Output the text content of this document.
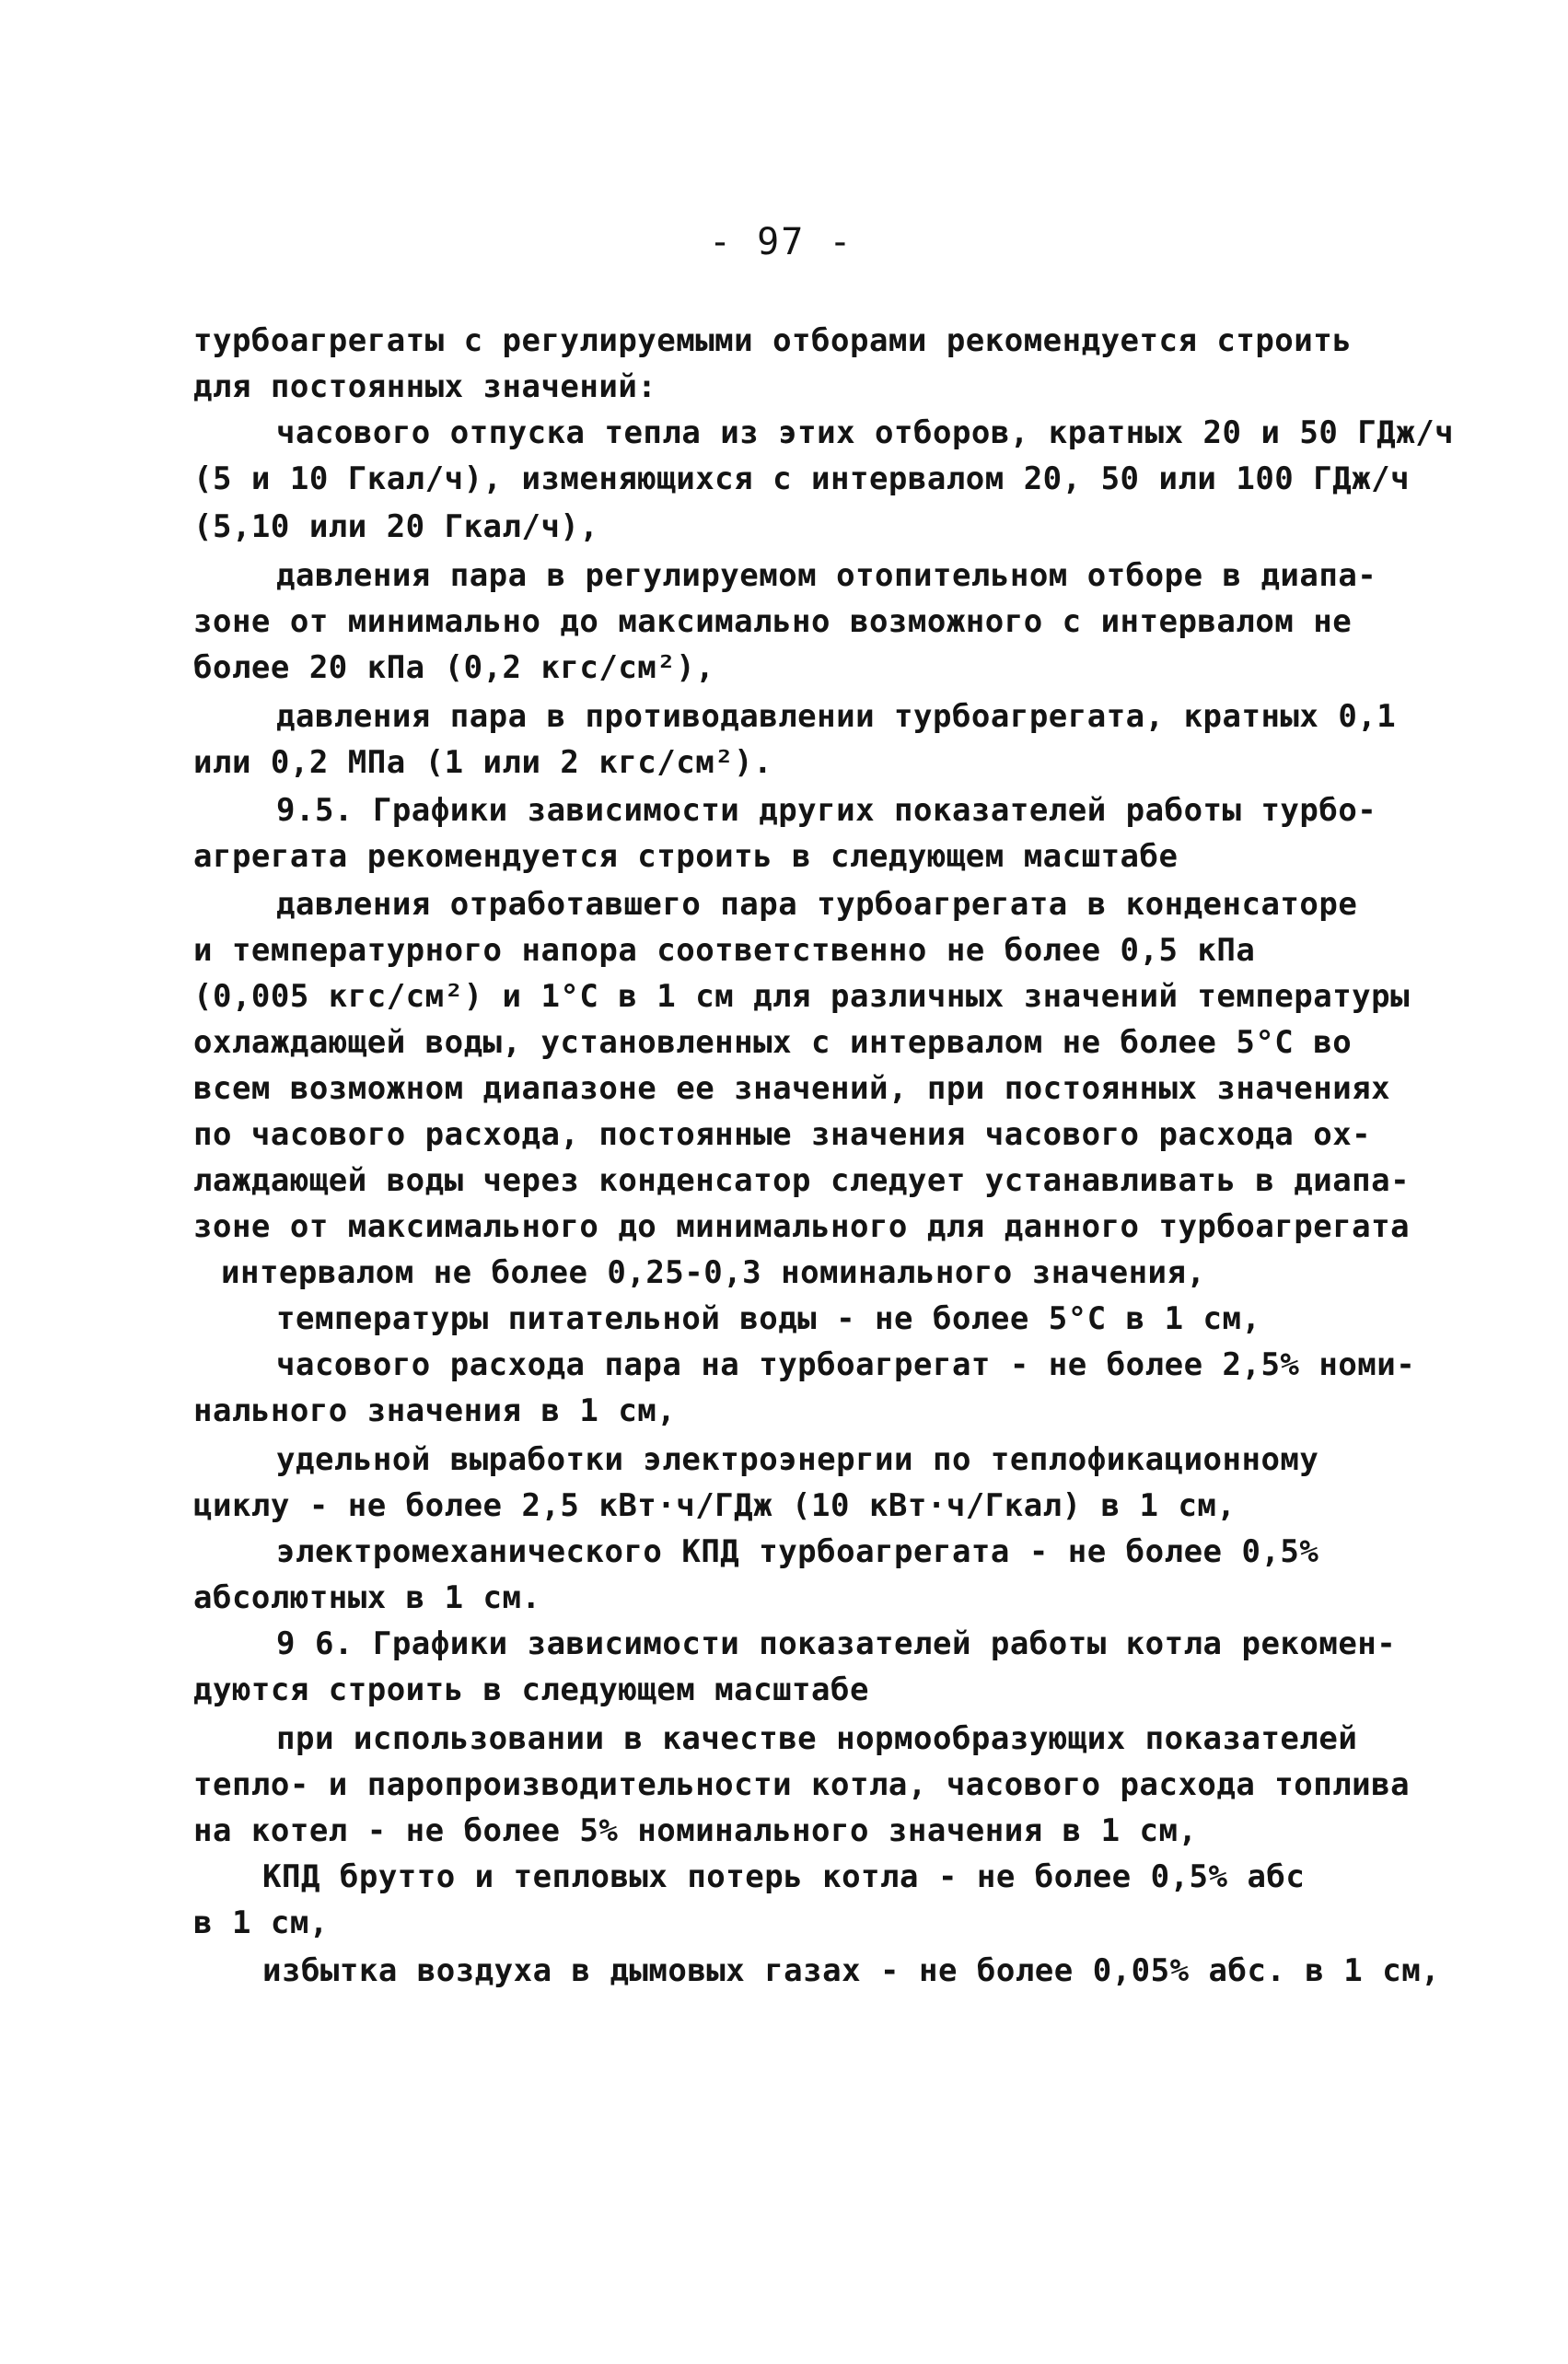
- 97 -
турбоагрегаты с регулируемыми отборами рекомендуется строить
для постоянных значений:
часового отпуска тепла из этих отборов, кратных 20 и 50 ГДж/ч
(5 и 10 Гкал/ч), изменяющихся с интервалом 20, 50 или 100 ГДж/ч
(5,10 или 20 Гкал/ч),
давления пара в регулируемом отопительном отборе в диапа-
зоне от минимально до максимально возможного с интервалом не
более 20 кПа (0,2 кгс/см²),
давления пара в противодавлении турбоагрегата, кратных 0,1
или 0,2 МПа (1 или 2 кгс/см²).
9.5. Графики зависимости других показателей работы турбо-
агрегата рекомендуется строить в следующем масштабе
давления отработавшего пара турбоагрегата в конденсаторе
и температурного напора соответственно не более 0,5 кПа
(0,005 кгс/см²) и 1°С в 1 см для различных значений температуры
охлаждающей воды, установленных с интервалом не более 5°С во
всем возможном диапазоне ее значений, при постоянных значениях
по часового расхода, постоянные значения часового расхода ох-
лаждающей воды через конденсатор следует устанавливать в диапа-
зоне от максимального до минимального для данного турбоагрегата
интервалом не более 0,25-0,3 номинального значения,
температуры питательной воды - не более 5°С в 1 см,
часового расхода пара на турбоагрегат - не более 2,5% номи-
нального значения в 1 см,
удельной выработки электроэнергии по теплофикационному
циклу - не более 2,5 кВт·ч/ГДж (10 кВт·ч/Гкал) в 1 см,
электромеханического КПД турбоагрегата - не более 0,5%
абсолютных в 1 см.
9 6. Графики зависимости показателей работы котла рекомен-
дуются строить в следующем масштабе
при использовании в качестве нормообразующих показателей
тепло- и паропроизводительности котла, часового расхода топлива
на котел - не более 5% номинального значения в 1 см,
КПД брутто и тепловых потерь котла - не более 0,5% абс
в 1 см,
избытка воздуха в дымовых газах - не более 0,05% абс. в 1 см,
